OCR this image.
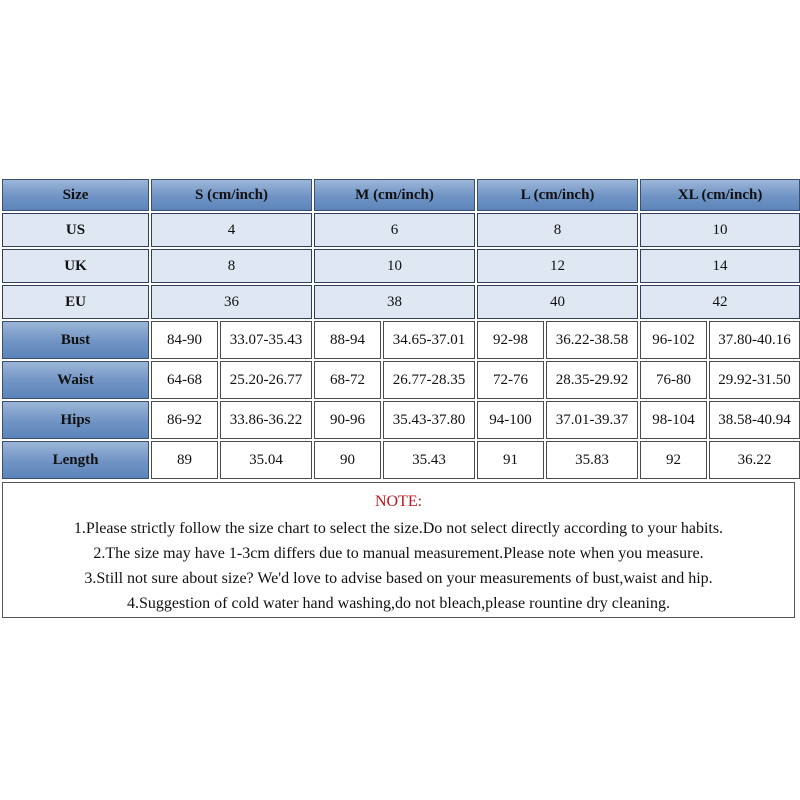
Size	S (cm/inch)		M (cm/inch)		L (cm/inch)		XL (cm/inch)	
US	4		6		8		10	
UK	8		10		12		14	
EU	36		38		40		42	
Bust	84-90	33.07-35.43	88-94	34.65-37.01	92-98	36.22-38.58	96-102	37.80-40.16
Waist	64-68	25.20-26.77	68-72	26.77-28.35	72-76	28.35-29.92	76-80	29.92-31.50
Hips	86-92	33.86-36.22	90-96	35.43-37.80	94-100	37.01-39.37	98-104	38.58-40.94
Length	89	35.04	90	35.43	91	35.83	92	36.22
NOTE:
1.Please strictly follow the size chart to select the size.Do not select directly according to your habits.
2.The size may have 1-3cm differs due to manual measurement.Please note when you measure.
3.Still not sure about size? We'd love to advise based on your measurements of bust,waist and hip.
4.Suggestion of cold water hand washing,do not bleach,please rountine dry cleaning.
